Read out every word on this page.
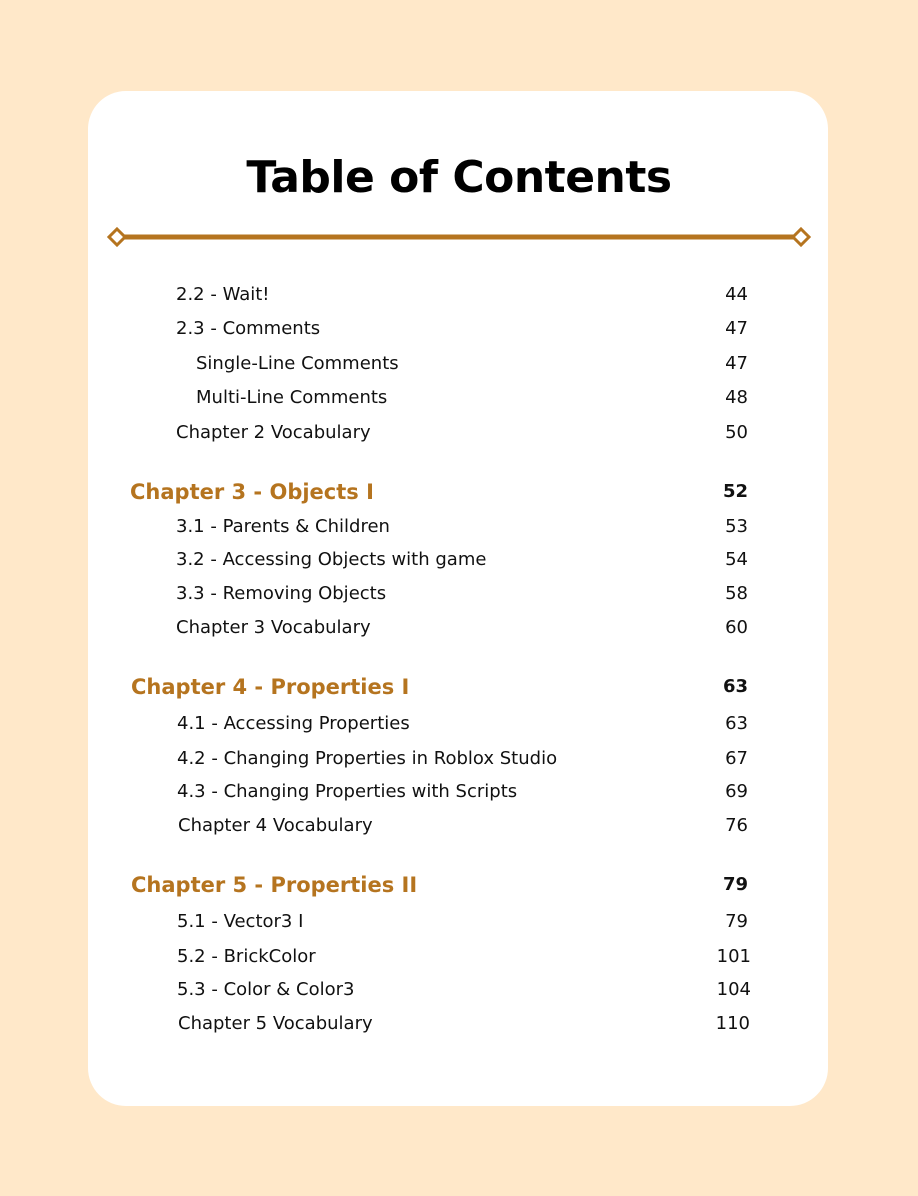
Table of Contents
2.2 - Wait!	44
2.3 - Comments	47
Single-Line Comments	47
Multi-Line Comments	48
Chapter 2 Vocabulary	50
Chapter 3 - Objects I	52
3.1 - Parents & Children	53
3.2 - Accessing Objects with game	54
3.3 - Removing Objects	58
Chapter 3 Vocabulary	60
Chapter 4 - Properties I	63
4.1 - Accessing Properties	63
4.2 - Changing Properties in Roblox Studio	67
4.3 - Changing Properties with Scripts	69
Chapter 4 Vocabulary	76
Chapter 5 - Properties II	79
5.1 - Vector3 I	79
5.2 - BrickColor	101
5.3 - Color & Color3	104
Chapter 5 Vocabulary	110
